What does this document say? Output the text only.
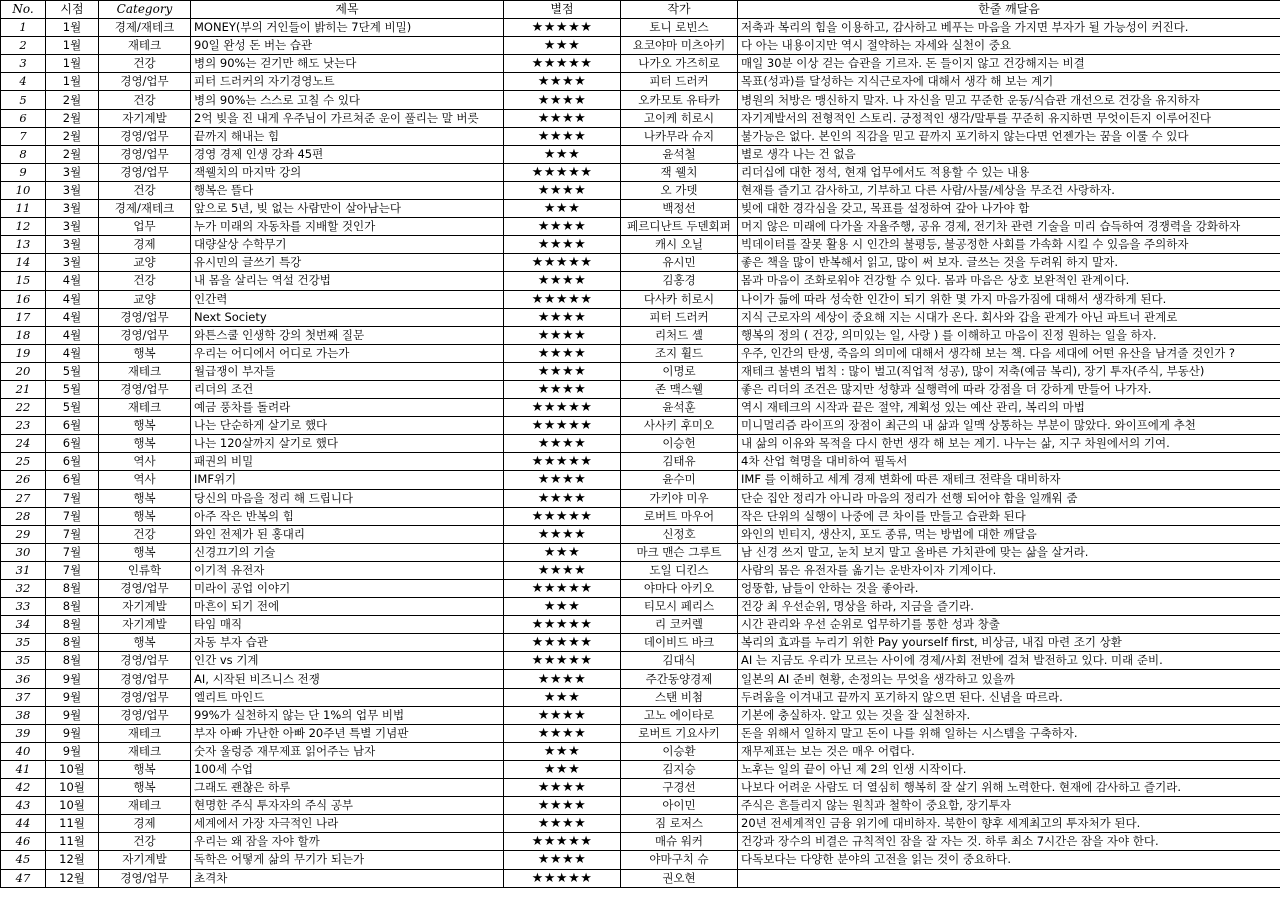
No.	시점	Category	제목	별점	작가	한줄 깨달음
1	1월	경제/재테크	MONEY(부의 거인들이 밝히는 7단계 비밀)	★★★★★	토니 로빈스	저축과 복리의 힘을 이용하고, 감사하고 베푸는 마음을 가지면 부자가 될 가능성이 커진다.
2	1월	재테크	90일 완성 돈 버는 습관	★★★	요코야마 미츠아키	다 아는 내용이지만 역시 절약하는 자세와 실천이 중요
3	1월	건강	병의 90%는 걷기만 해도 낫는다	★★★★★	나가오 가즈히로	매일 30분 이상 걷는 습관을 기르자. 돈 들이지 않고 건강해지는 비결
4	1월	경영/업무	피터 드러커의 자기경영노트	★★★★	피터 드러커	목표(성과)를 달성하는 지식근로자에 대해서 생각 해 보는 계기
5	2월	건강	병의 90%는 스스로 고칠 수 있다	★★★★	오카모토 유타카	병원의 처방은 맹신하지 말자. 나 자신을 믿고 꾸준한 운동/식습관 개선으로 건강을 유지하자
6	2월	자기계발	2억 빚을 진 내게 우주님이 가르쳐준 운이 풀리는 말 버릇	★★★★	고이케 히로시	자기계발서의 전형적인 스토리. 긍정적인 생각/말투를 꾸준히 유지하면 무엇이든지 이루어진다
7	2월	경영/업무	끝까지 해내는 힘	★★★★	나카무라 슈지	불가능은 없다. 본인의 직감을 믿고 끝까지 포기하지 않는다면 언젠가는 꿈을 이룰 수 있다
8	2월	경영/업무	경영 경제 인생 강좌 45편	★★★	윤석철	별로 생각 나는 건 없음
9	3월	경영/업무	잭웰치의 마지막 강의	★★★★★	잭 웰치	리더십에 대한 정석, 현재 업무에서도 적용할 수 있는 내용
10	3월	건강	행복은 뜰다	★★★★	오 가뎃	현재를 즐기고 감사하고, 기부하고 다른 사람/사물/세상을 무조건 사랑하자.
11	3월	경제/재테크	앞으로 5년, 빚 없는 사람만이 살아남는다	★★★	백정선	빚에 대한 경각심을 갖고, 목표를 설정하여 갚아 나가야 함
12	3월	업무	누가 미래의 자동차를 지배할 것인가	★★★★	페르디난트 두덴회퍼	머지 않은 미래에 다가올 자율주행, 공유 경제, 전기차 관련 기술을 미리 습득하여 경쟁력을 강화하자
13	3월	경제	대량살상 수학무기	★★★★	캐시 오닐	빅데이터를 잘못 활용 시 인간의 불평등, 불공정한 사회를 가속화 시킬 수 있음을 주의하자
14	3월	교양	유시민의 글쓰기 특강	★★★★★	유시민	좋은 책을 많이 반복해서 읽고, 많이 써 보자. 글쓰는 것을 두려워 하지 말자.
15	4월	건강	내 몸을 살리는 역설 건강법	★★★★	김홍경	몸과 마음이 조화로워야 건강할 수 있다. 몸과 마음은 상호 보완적인 관계이다.
16	4월	교양	인간력	★★★★★	다사카 히로시	나이가 듦에 따라 성숙한 인간이 되기 위한 몇 가지 마음가짐에 대해서 생각하게 된다.
17	4월	경영/업무	Next Society	★★★★	피터 드러커	지식 근로자의 세상이 중요해 지는 시대가 온다. 회사와 갑을 관계가 아닌 파트너 관계로
18	4월	경영/업무	와튼스쿨 인생학 강의 첫번째 질문	★★★★	리처드 셸	행복의 정의 ( 건강, 의미있는 일, 사랑 ) 를 이해하고 마음이 진정 원하는 일을 하자.
19	4월	행복	우리는 어디에서 어디로 가는가	★★★★	조지 휠드	우주, 인간의 탄생, 죽음의 의미에 대해서 생각해 보는 책. 다음 세대에 어떤 유산을 남겨줄 것인가 ?
20	5월	재테크	월급쟁이 부자들	★★★★	이명로	재테크 불변의 법칙 : 많이 벌고(직업적 성공), 많이 저축(예금 복리), 장기 투자(주식, 부동산)
21	5월	경영/업무	리더의 조건	★★★★	존 맥스웰	좋은 리더의 조건은 많지만 성향과 실행력에 따라 강점을 더 강하게 만들어 나가자.
22	5월	재테크	예금 풍차를 돌려라	★★★★★	윤석훈	역시 재테크의 시작과 끝은 절약, 계획성 있는 예산 관리, 복리의 마법
23	6월	행복	나는 단순하게 살기로 했다	★★★★★	사사키 후미오	미니멀리즘 라이프의 장점이 최근의 내 삶과 일맥 상통하는 부분이 많았다. 와이프에게 추천
24	6월	행복	나는 120살까지 살기로 했다	★★★★	이승헌	내 삶의 이유와 목적을 다시 한번 생각 해 보는 계기. 나누는 삶, 지구 차원에서의 기여.
25	6월	역사	패권의 비밀	★★★★★	김태유	4차 산업 혁명을 대비하여 필독서
26	6월	역사	IMF위기	★★★★	윤수미	IMF 를 이해하고 세계 경제 변화에 따른 재테크 전략을 대비하자
27	7월	행복	당신의 마음을 정리 해 드립니다	★★★★	가키야 미우	단순 집안 정리가 아니라 마음의 정리가 선행 되어야 함을 일깨워 줌
28	7월	행복	아주 작은 반복의 힘	★★★★★	로버트 마우어	작은 단위의 실행이 나중에 큰 차이를 만들고 습관화 된다
29	7월	건강	와인 전제가 된 홍대리	★★★★	신정호	와인의 빈티지, 생산지, 포도 종류, 먹는 방법에 대한 깨달음
30	7월	행복	신경끄기의 기술	★★★	마크 맨슨 그루트	남 신경 쓰지 말고, 눈치 보지 말고 올바른 가치관에 맞는 삶을 살거라.
31	7월	인류학	이기적 유전자	★★★★	도일 디킨스	사람의 몸은 유전자를 옮기는 운반자이자 기계이다.
32	8월	경영/업무	미라이 공업 이야기	★★★★★	야마다 아키오	엉뚱함, 남들이 안하는 것을 좋아라.
33	8월	자기계발	마흔이 되기 전에	★★★	티모시 페리스	건강 최 우선순위, 명상을 하라, 지금을 즐기라.
34	8월	자기계발	타임 매직	★★★★★	리 코커렐	시간 관리와 우선 순위로 업무하기를 통한 성과 창출
35	8월	행복	자동 부자 습관	★★★★★	데이비드 바크	복리의 효과를 누리기 위한 Pay yourself first, 비상금, 내집 마련 조기 상환
35	8월	경영/업무	인간 vs 기계	★★★★★	김대식	AI 는 지금도 우리가 모르는 사이에 경제/사회 전반에 걸쳐 발전하고 있다. 미래 준비.
36	9월	경영/업무	AI, 시작된 비즈니스 전쟁	★★★★	주간동양경제	일본의 AI 준비 현황, 손정의는 무엇을 생각하고 있을까
37	9월	경영/업무	엘리트 마인드	★★★	스탠 비첨	두려움을 이겨내고 끝까지 포기하지 않으면 된다. 신념을 따르라.
38	9월	경영/업무	99%가 실천하지 않는 단 1%의 업무 비법	★★★★	고노 에이타로	기본에 충실하자. 알고 있는 것을 잘 실천하자.
39	9월	재테크	부자 아빠 가난한 아빠 20주년 특별 기념판	★★★★	로버트 기요사키	돈을 위해서 일하지 말고 돈이 나를 위해 일하는 시스템을 구축하자.
40	9월	재테크	숫자 울렁증 재무제표 읽어주는 남자	★★★	이승환	재무제표는 보는 것은 매우 어렵다.
41	10월	행복	100세 수업	★★★	김지승	노후는 일의 끝이 아닌 제 2의 인생 시작이다.
42	10월	행복	그래도 괜찮은 하루	★★★★	구경선	나보다 어려운 사람도 더 열심히 행복히 잘 살기 위해 노력한다. 현재에 감사하고 즐기라.
43	10월	재테크	현명한 주식 투자자의 주식 공부	★★★★	아이민	주식은 흔들리지 않는 원칙과 철학이 중요함, 장기투자
44	11월	경제	세계에서 가장 자극적인 나라	★★★★	짐 로저스	20년 전세계적인 금융 위기에 대비하자. 북한이 향후 세계최고의 투자처가 된다.
46	11월	건강	우리는 왜 잠을 자야 할까	★★★★★	매슈 워커	건강과 장수의 비결은 규칙적인 잠을 잘 자는 것. 하루 최소 7시간은 잠을 자야 한다.
45	12월	자기계발	독학은 어떻게 삶의 무기가 되는가	★★★★	야마구치 슈	다독보다는 다양한 분야의 고전을 읽는 것이 중요하다.
47	12월	경영/업무	초격차	★★★★★	권오현	
